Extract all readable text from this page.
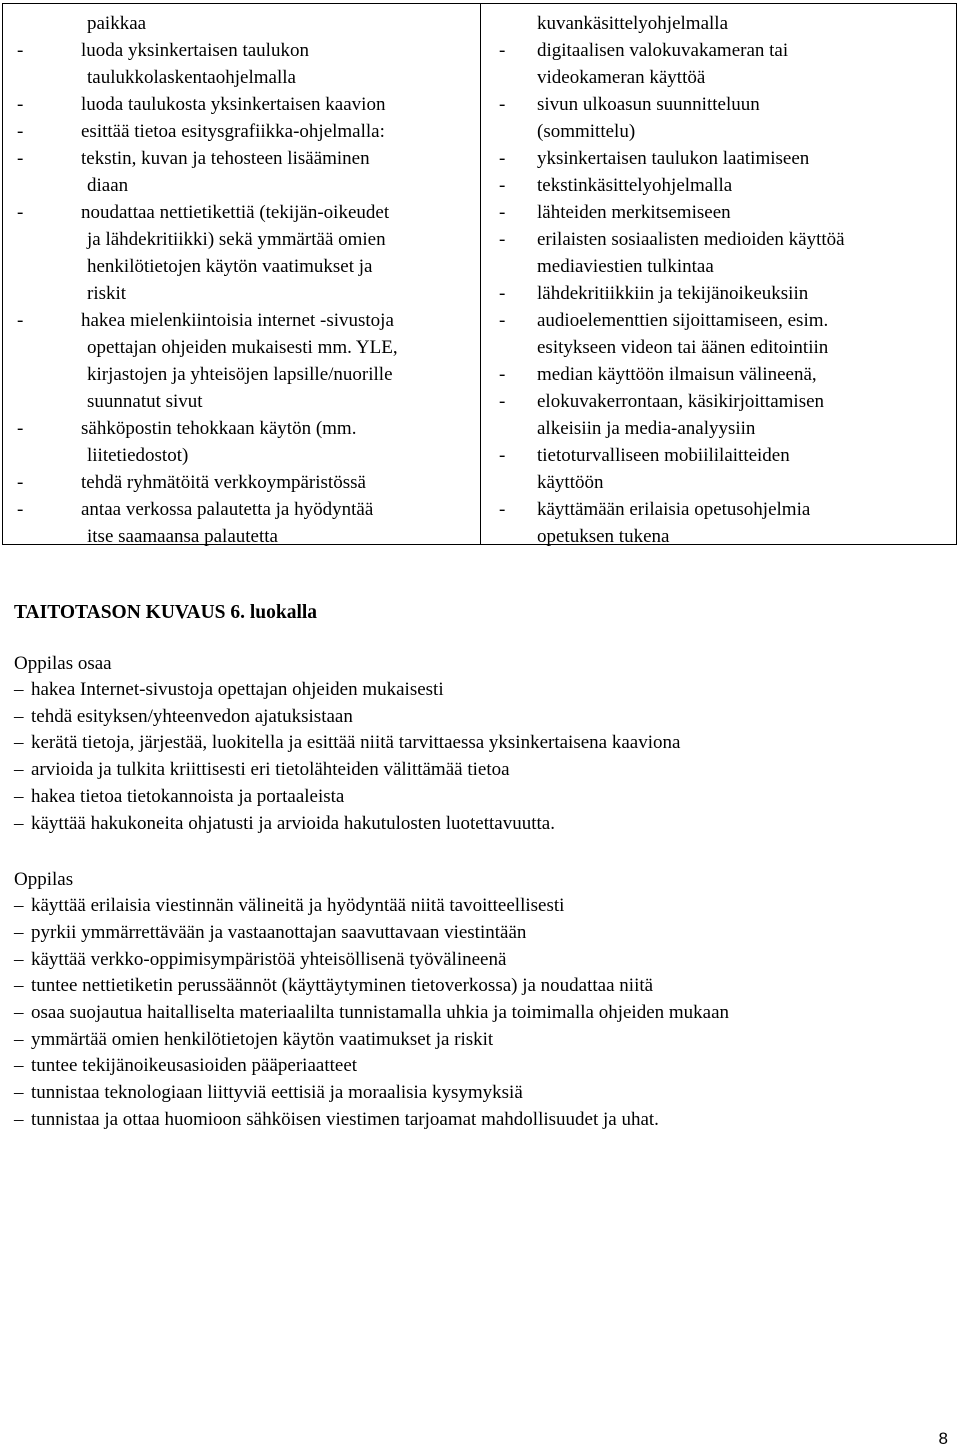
paikkaa
-	luoda yksinkertaisen taulukon
taulukkolaskentaohjelmalla
-	luoda taulukosta yksinkertaisen kaavion
-	esittää tietoa esitysgrafiikka-ohjelmalla:
-	tekstin, kuvan ja tehosteen lisääminen
diaan
-	noudattaa nettietikettiä (tekijän-oikeudet
ja lähdekritiikki) sekä ymmärtää omien
henkilötietojen käytön vaatimukset ja
riskit
-	hakea mielenkiintoisia internet -sivustoja
opettajan ohjeiden mukaisesti mm. YLE,
kirjastojen ja yhteisöjen lapsille/nuorille
suunnatut sivut
-	sähköpostin tehokkaan käytön (mm.
liitetiedostot)
-	tehdä ryhmätöitä verkkoympäristössä
-	antaa verkossa palautetta ja hyödyntää
itse saamaansa palautetta
kuvankäsittelyohjelmalla
-	digitaalisen valokuvakameran tai
videokameran käyttöä
-	sivun ulkoasun suunnitteluun
(sommittelu)
-	yksinkertaisen taulukon laatimiseen
-	tekstinkäsittelyohjelmalla
-	lähteiden merkitsemiseen
-	erilaisten sosiaalisten medioiden käyttöä
mediaviestien tulkintaa
-	lähdekritiikkiin ja tekijänoikeuksiin
-	audioelementtien sijoittamiseen, esim.
esitykseen videon tai äänen editointiin
-	median käyttöön ilmaisun välineenä,
-	elokuvakerrontaan, käsikirjoittamisen
alkeisiin ja media-analyysiin
-	tietoturvalliseen mobiililaitteiden
käyttöön
-	käyttämään erilaisia opetusohjelmia
opetuksen tukena
TAITOTASON KUVAUS 6. luokalla
Oppilas osaa
– hakea Internet-sivustoja opettajan ohjeiden mukaisesti
– tehdä esityksen/yhteenvedon ajatuksistaan
– kerätä tietoja, järjestää, luokitella ja esittää niitä tarvittaessa yksinkertaisena kaaviona
– arvioida ja tulkita kriittisesti eri tietolähteiden välittämää tietoa
– hakea tietoa tietokannoista ja portaaleista
– käyttää hakukoneita ohjatusti ja arvioida hakutulosten luotettavuutta.
Oppilas
– käyttää erilaisia viestinnän välineitä ja hyödyntää niitä tavoitteellisesti
– pyrkii ymmärrettävään ja vastaanottajan saavuttavaan viestintään
– käyttää verkko-oppimisympäristöä yhteisöllisenä työvälineenä
– tuntee nettietiketin perussäännöt (käyttäytyminen tietoverkossa) ja noudattaa niitä
– osaa suojautua haitalliselta materiaalilta tunnistamalla uhkia ja toimimalla ohjeiden mukaan
– ymmärtää omien henkilötietojen käytön vaatimukset ja riskit
– tuntee tekijänoikeusasioiden pääperiaatteet
– tunnistaa teknologiaan liittyviä eettisiä ja moraalisia kysymyksiä
– tunnistaa ja ottaa huomioon sähköisen viestimen tarjoamat mahdollisuudet ja uhat.
8
